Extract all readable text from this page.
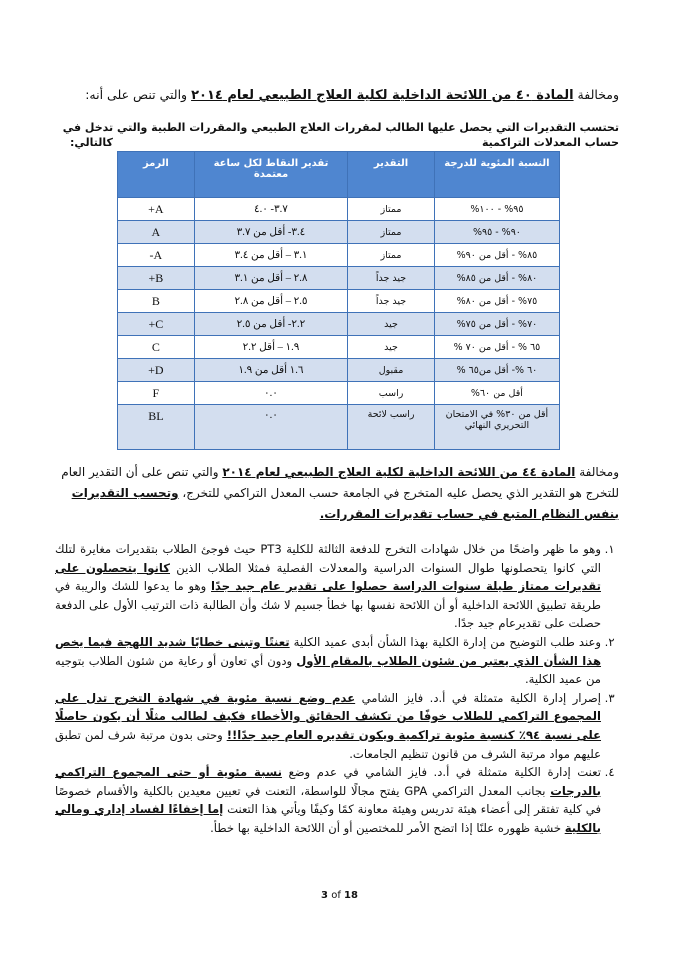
ومخالفة المادة ٤٠ من اللائحة الداخلية لكلية العلاج الطبيعي لعام ٢٠١٤ والتي تنص على أنه:
تحتسب التقديرات التي يحصل عليها الطالب لمقررات العلاج الطبيعي والمقررات الطبية والتي تدخل في حساب المعدلات التراكمية
كالتالي:
النسبة المئوية للدرجة	التقدير	تقدير النقاط لكل ساعة معتمدة	الرمز
٩٥% - ١٠٠%	ممتاز	٣.٧- ٤.٠	A+
٩٠% - ٩٥%	ممتاز	٣.٤- أقل من ٣.٧	A
٨٥% - أقل من ٩٠%	ممتاز	٣.١ – أقل من ٣.٤	A-
٨٠% - أقل من ٨٥%	جيد جداً	٢.٨ – أقل من ٣.١	B+
٧٥% - أقل من ٨٠%	جيد جداً	٢.٥ – أقل من ٢.٨	B
٧٠% - أقل من ٧٥%	جيد	٢.٢- أقل من ٢.٥	C+
٦٥ % - أقل من ٧٠ %	جيد	١.٩ – أقل ٢.٢	C
٦٠ %- أقل من٦٥ %	مقبول	١.٦ أقل من ١.٩	D+
أقل من ٦٠%	راسب	٠.٠	F
أقل من ٣٠% في الامتحان التحريري النهائي	راسب لائحة	٠.٠	BL
ومخالفة المادة ٤٤ من اللائحة الداخلية لكلية العلاج الطبيعي لعام ٢٠١٤ والتي تنص على أن التقدير العام للتخرج هو التقدير الذي يحصل عليه المتخرج في الجامعة حسب المعدل التراكمي للتخرج، وتحسب التقديرات بنفس النظام المتبع في حساب تقديرات المقررات.
1. وهو ما ظهر واضحًا من خلال شهادات التخرج للدفعة الثالثة للكلية PT3 حيث فوجئ الطلاب بتقديرات مغايرة لتلك التي كانوا يتحصلونها طوال السنوات الدراسية والمعدلات الفصلية فمثلا الطلاب الذين كانوا يتحصلون على تقديرات ممتاز طيلة سنوات الدراسة حصلوا على تقدير عام جيد جدًا وهو ما يدعوا للشك والريبة في طريقة تطبيق اللائحة الداخلية أو أن اللائحة نفسها بها خطأ جسيم لا شك وأن الطالبة ذات الترتيب الأول على الدفعة حصلت على تقديرعام جيد جدًا.
2. وعند طلب التوضيح من إدارة الكلية بهذا الشأن أبدى عميد الكلية تعنتًا وتبنى خطابًا شديد اللهجة فيما يخص هذا الشأن الذي يعتبر من شئون الطلاب بالمقام الأول ودون أي تعاون أو رعاية من شئون الطلاب بتوجيه من عميد الكلية.
3. إصرار إدارة الكلية متمثلة في أ.د. فايز الشامي عدم وضع نسبة مئوية في شهادة التخرج تدل على المجموع التراكمي للطلاب خوفًا من تكشف الحقائق والأخطاء فكيف لطالب مثلًا أن يكون حاصلًا على نسبة ٩٤٪ كنسبة مئوية تراكمية ويكون تقديره العام جيد جدًا!! وحتى بدون مرتبة شرف لمن تطبق عليهم مواد مرتبة الشرف من قانون تنظيم الجامعات.
4. تعنت إدارة الكلية متمثلة في أ.د. فايز الشامي في عدم وضع نسبة مئوية أو حتى المجموع التراكمي بالدرجات بجانب المعدل التراكمي GPA يفتح مجالًا للواسطة، التعنت في تعيين معيدين بالكلية والأقسام خصوصًا في كلية تفتقر إلى أعضاء هيئة تدريس وهيئة معاونة كمًا وكيفًا ويأتي هذا التعنت إما إخفاءًا لفساد إداري ومالي بالكلية خشية ظهوره علنًا إذا اتضح الأمر للمختصين أو أن اللائحة الداخلية بها خطأ.
3 of 18
